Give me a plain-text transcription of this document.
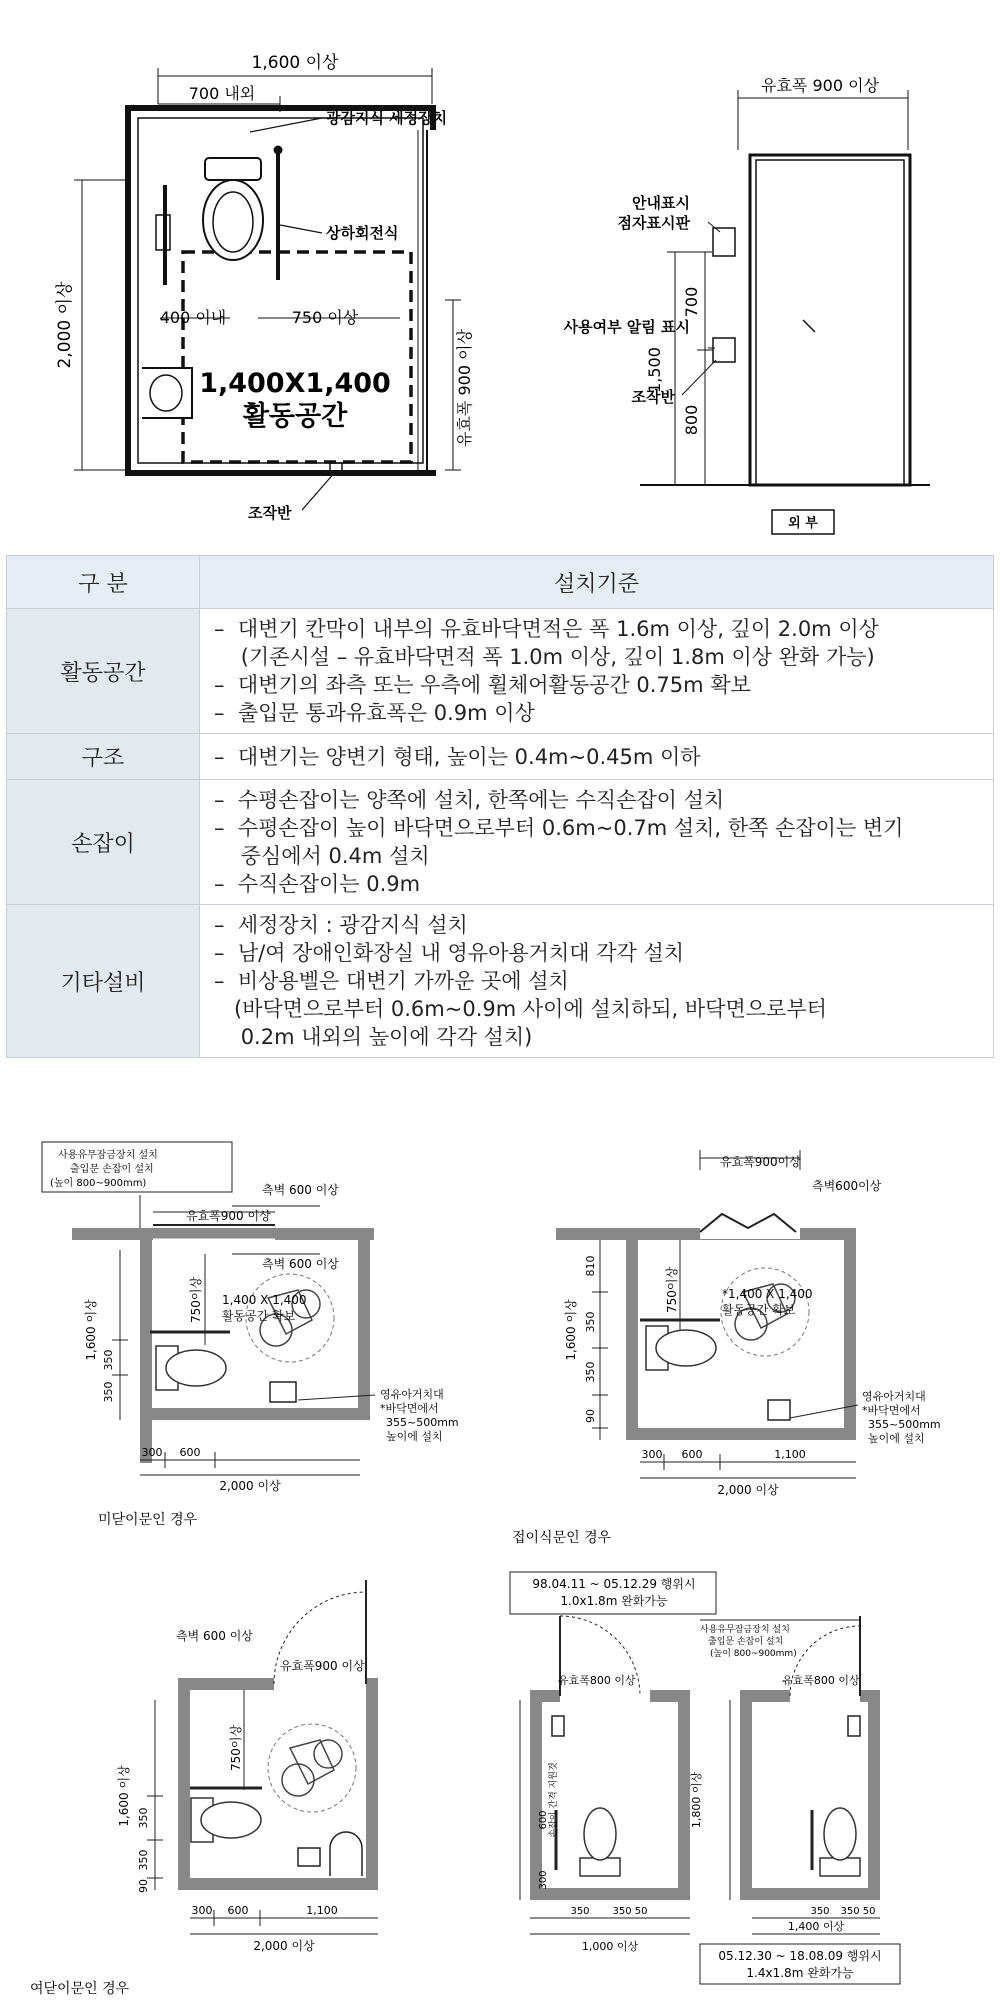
1,600 이상
700 내외
광감지식 세정장치
상하회전식
2,000 이상	400 이내	750 이상
유효폭 900 이상
1,400X1,400
활동공간
조작반
유효폭 900 이상
안내표시
점자표시판
사용여부 알림 표시
조작반
1,500
700
800
외 부
구 분	설치기준
활동공간	–  대변기 칸막이 내부의 유효바닥면적은 폭 1.6m 이상, 깊이 2.0m 이상
(기존시설 – 유효바닥면적 폭 1.0m 이상, 깊이 1.8m 이상 완화 가능)
–  대변기의 좌측 또는 우측에 휠체어활동공간 0.75m 확보
–  출입문 통과유효폭은 0.9m 이상

구조	–  대변기는 양변기 형태, 높이는 0.4m~0.45m 이하

손잡이	–  수평손잡이는 양쪽에 설치, 한쪽에는 수직손잡이 설치
–  수평손잡이 높이 바닥면으로부터 0.6m~0.7m 설치, 한쪽 손잡이는 변기
중심에서 0.4m 설치
–  수직손잡이는 0.9m

기타설비	–  세정장치 : 광감지식 설치
–  남/여 장애인화장실 내 영유아용거치대 각각 설치
–  비상용벨은 대변기 가까운 곳에 설치
(바닥면으로부터 0.6m~0.9m 사이에 설치하되, 바닥면으로부터
0.2m 내외의 높이에 각각 설치)
사용유무잠금장치 설치
출입문 손잡이 설치
(높이 800~900mm)	측벽 600 이상
유효폭900 이상
측벽 600 이상
1,400 X 1,400
활동공간 확보
750이상
1,600 이상 350
350
300 600
2,000 이상
영유아거치대
*바닥면에서
355~500mm
높이에 설치
미닫이문인 경우
유효폭900이상
측벽600이상
*1,400 X 1,400
활동공간 확보
750이상
810
1,600 이상 350
350
90
300 600	1,100
2,000 이상
영유아거치대
*바닥면에서
355~500mm
높이에 설치
접이식문인 경우
측벽 600 이상
유효폭900 이상
750이상
1,600 이상 350
350
90
300 600	1,100
2,000 이상
여닫이문인 경우
98.04.11 ~ 05.12.29 행위시
1.0x1.8m 완화가능
사용유무잠금장치 설치
출입문 손잡이 설치
(높이 800~900mm)
유효폭800 이상	유효폭800 이상
손잡이 간격 지원것
600	1,800 이상
300
350 350 50
1,000 이상
350 350 50
1,400 이상
05.12.30 ~ 18.08.09 행위시
1.4x1.8m 완화가능
